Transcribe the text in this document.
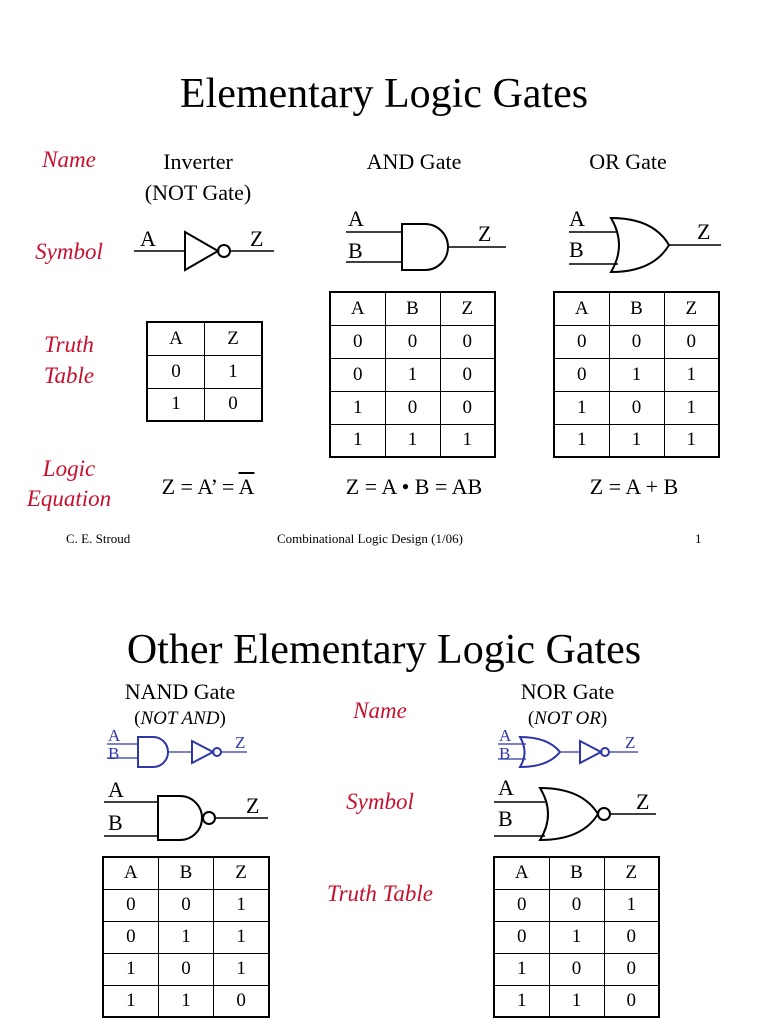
Elementary Logic Gates
Name
Symbol
Truth
Table
Logic
Equation
Inverter
(NOT Gate)
AND Gate	OR Gate
A	Z
A
B
Z
A
B
Z
A	Z
0	1
1	0
A	B	Z
0	0	0
0	1	0
1	0	0
1	1	1
A	B	Z
0	0	0
0	1	1
1	0	1
1	1	1
Z = A’ = $\overline{A}$	Z = A • B = AB	Z = A + B
C. E. Stroud	Combinational Logic Design (1/06)	1
Other Elementary Logic Gates
NAND Gate
(NOT AND)
NOR Gate
(NOT OR)
Name
Symbol
Truth Table
A
B
Z	A
B
Z
A
B
Z
A
B
Z
A	B	Z
0	0	1
0	1	1
1	0	1
1	1	0
A	B	Z
0	0	1
0	1	0
1	0	0
1	1	0
